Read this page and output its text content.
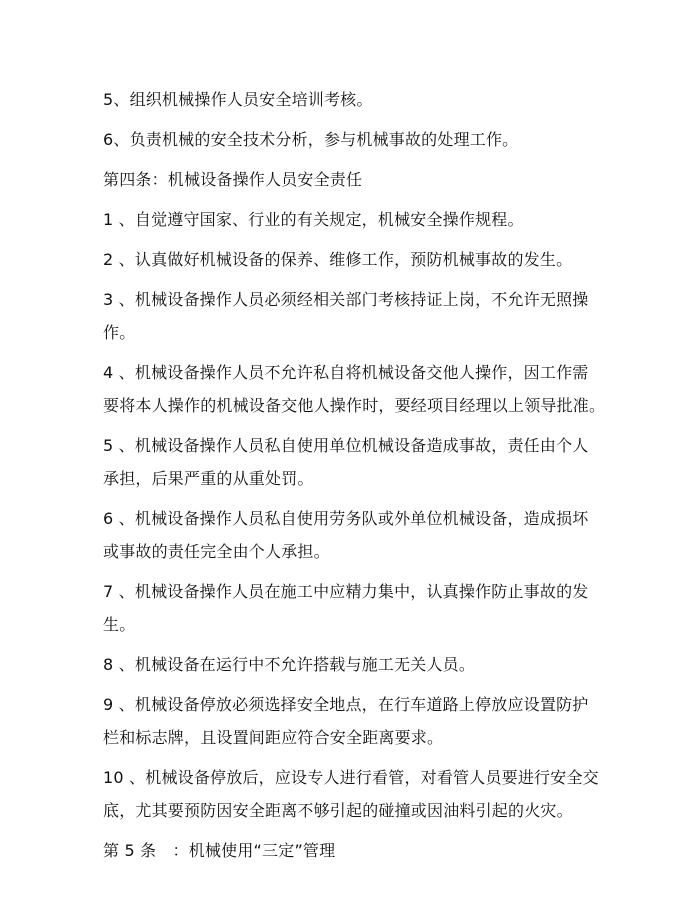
5、组织机械操作人员安全培训考核。

6、负责机械的安全技术分析，参与机械事故的处理工作。

第四条：机械设备操作人员安全责任

1 、自觉遵守国家、行业的有关规定，机械安全操作规程。

2 、认真做好机械设备的保养、维修工作，预防机械事故的发生。

3 、机械设备操作人员必须经相关部门考核持证上岗，不允许无照操
作。

4 、机械设备操作人员不允许私自将机械设备交他人操作，因工作需
要将本人操作的机械设备交他人操作时，要经项目经理以上领导批准。

5 、机械设备操作人员私自使用单位机械设备造成事故，责任由个人
承担，后果严重的从重处罚。

6 、机械设备操作人员私自使用劳务队或外单位机械设备，造成损坏
或事故的责任完全由个人承担。

7 、机械设备操作人员在施工中应精力集中，认真操作防止事故的发
生。

8 、机械设备在运行中不允许搭载与施工无关人员。

9 、机械设备停放必须选择安全地点，在行车道路上停放应设置防护
栏和标志牌，且设置间距应符合安全距离要求。

10 、机械设备停放后，应设专人进行看管，对看管人员要进行安全交
底，尤其要预防因安全距离不够引起的碰撞或因油料引起的火灾。

第 5 条　：机械使用“三定”管理
